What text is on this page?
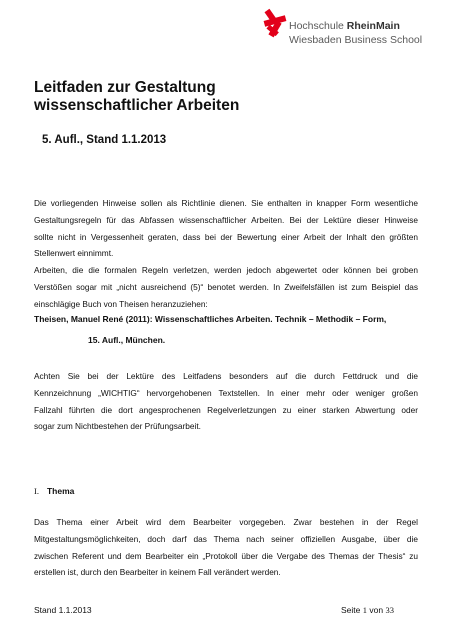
Hochschule RheinMain
Wiesbaden Business School
Leitfaden zur Gestaltung
wissenschaftlicher Arbeiten

5. Aufl., Stand 1.1.2013

Die vorliegenden Hinweise sollen als Richtlinie dienen. Sie enthalten in knapper Form wesentliche
Gestaltungsregeln für das Abfassen wissenschaftlicher Arbeiten. Bei der Lektüre dieser Hinweise
sollte nicht in Vergessenheit geraten, dass bei der Bewertung einer Arbeit der Inhalt den größten
Stellenwert einnimmt.
Arbeiten, die die formalen Regeln verletzen, werden jedoch abgewertet oder können bei groben
Verstößen sogar mit „nicht ausreichend (5)“ benotet werden. In Zweifelsfällen ist zum Beispiel das
einschlägige Buch von Theisen heranzuziehen:

Theisen, Manuel René (2011): Wissenschaftliches Arbeiten. Technik – Methodik – Form,

15. Aufl., München.

Achten Sie bei der Lektüre des Leitfadens besonders auf die durch Fettdruck und die
Kennzeichnung „WICHTIG“ hervorgehobenen Textstellen. In einer mehr oder weniger großen
Fallzahl führten die dort angesprochenen Regelverletzungen zu einer starken Abwertung oder
sogar zum Nichtbestehen der Prüfungsarbeit.

I. Thema

Das Thema einer Arbeit wird dem Bearbeiter vorgegeben. Zwar bestehen in der Regel
Mitgestaltungsmöglichkeiten, doch darf das Thema nach seiner offiziellen Ausgabe, über die
zwischen Referent und dem Bearbeiter ein „Protokoll über die Vergabe des Themas der Thesis“ zu
erstellen ist, durch den Bearbeiter in keinem Fall verändert werden.

Stand 1.1.2013	Seite 1 von 33
